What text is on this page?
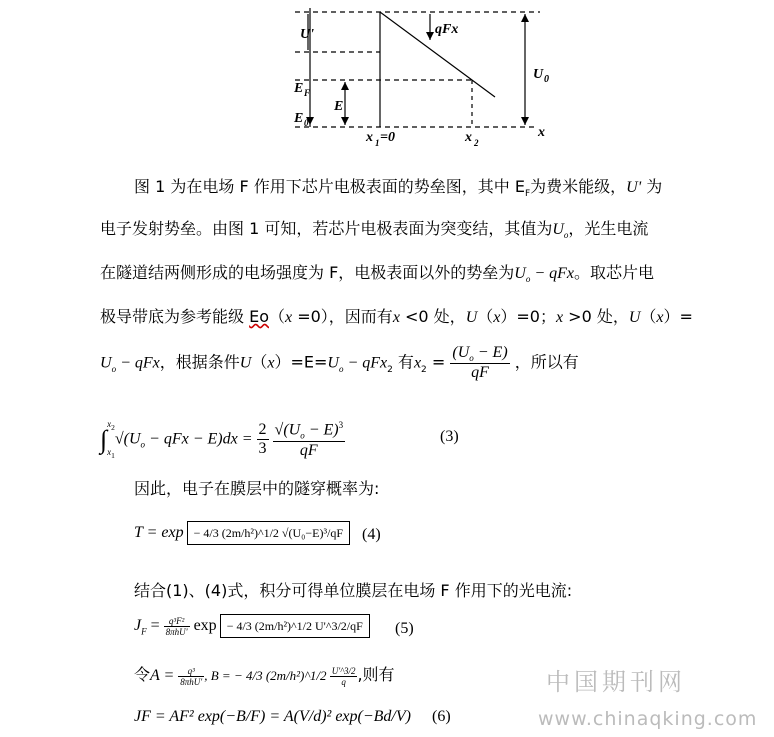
U'	qFx
U 0
E F
E
E 0
x 1 =0	x 2
x
图 1 为在电场 F 作用下芯片电极表面的势垒图，其中 $E_F$为费米能级，U' 为
电子发射势垒。由图 1 可知，若芯片电极表面为突变结，其值为$U_o$，光生电流
在隧道结两侧形成的电场强度为 F，电极表面以外的势垒为$U_o$ − qFx。取芯片电
极导带底为参考能级 Eo（x =0），因而有x <0 处，U（x）=0；x >0 处，U（x）=
$U_o$ − qFx，根据条件$U(x)=E=U_o - qFx_2$ 有$x_2 = \frac{(U_o - E)}{qF}$ ，所以有
$\int x_2$

$x_1√(U_o$ − qFx − $E)dx = \frac{2}{3}$
$\frac{√(U_o - E)^3}{qF}$	(3)
因此，电子在膜层中的隧穿概率为:
T = exp − 4/3 (2m/h²)^1/2 √(U₀−E)³/qF	(4)
结合(1)、(4)式，积分可得单位膜层在电场 F 作用下的光电流:
$J_F = \frac{\text{q³F²}}{\text{8πhU'}}$ exp − 4/3 (2m/h²)^1/2 U'^3/2/qF	(5)
令$A = \frac{\text{q³}}{\text{8πhU'}}$ , B = − 4/3 (2m/h²)^1/2 $\frac{U'\^{}3/2}{q}$ ,则有
JF = AF² exp(−B/F) = A(V/d)² exp(−Bd/V) (6)
中国期刊网
www.chinaqking.com
